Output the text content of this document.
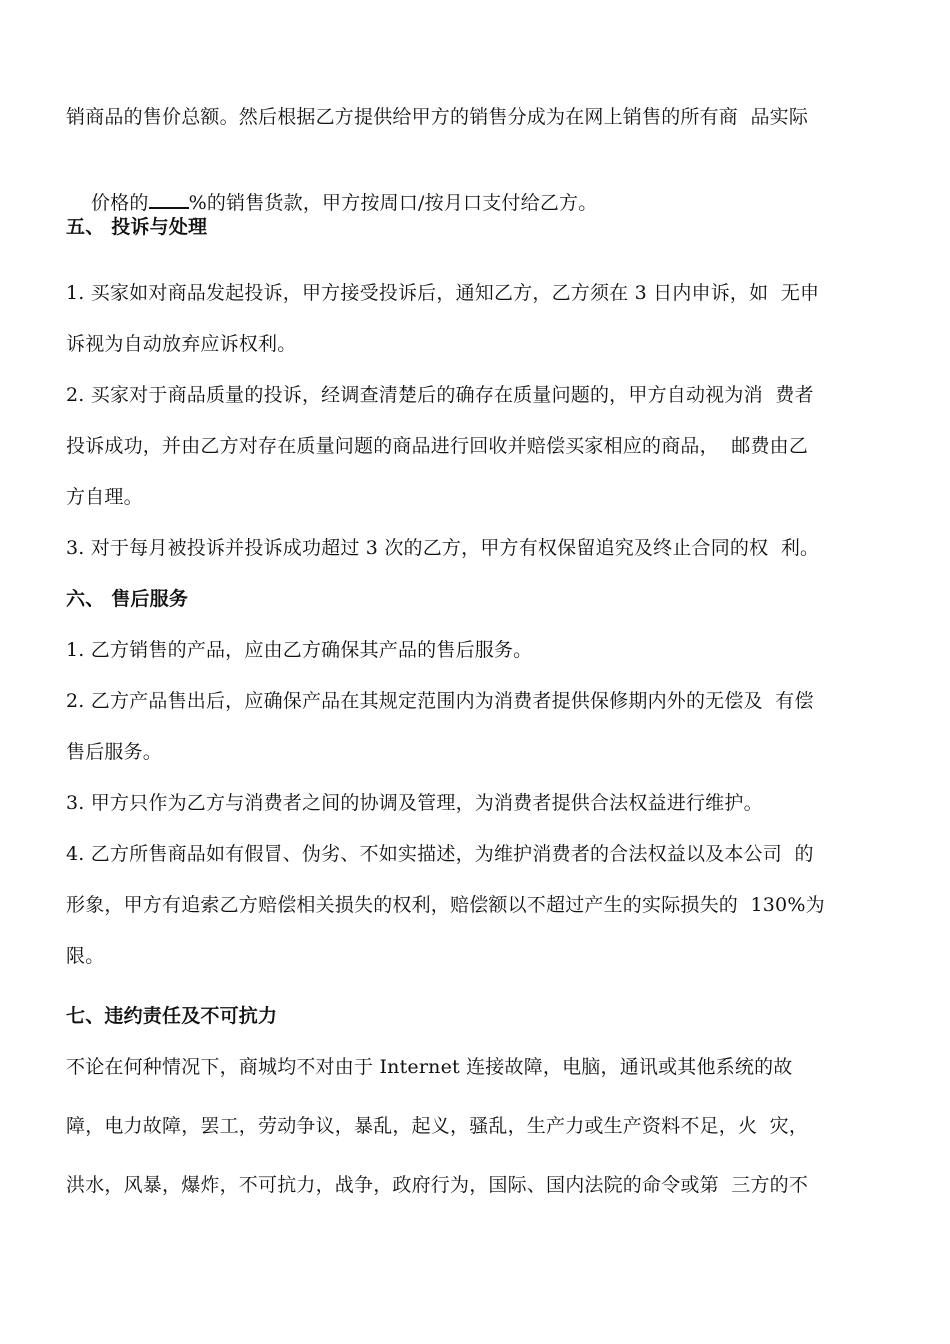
销商品的售价总额。然后根据乙方提供给甲方的销售分成为在网上销售的所有商  品实际

价格的 %的销售货款，甲方按周口/按月口支付给乙方。

五、 投诉与处理
1. 买家如对商品发起投诉，甲方接受投诉后，通知乙方，乙方须在 3 日内申诉，如  无申
诉视为自动放弃应诉权利。
2. 买家对于商品质量的投诉，经调查清楚后的确存在质量问题的，甲方自动视为消  费者
投诉成功，并由乙方对存在质量问题的商品进行回收并赔偿买家相应的商品，  邮费由乙
方自理。
3. 对于每月被投诉并投诉成功超过 3 次的乙方，甲方有权保留追究及终止合同的权  利。
六、 售后服务
1. 乙方销售的产品，应由乙方确保其产品的售后服务。
2. 乙方产品售出后，应确保产品在其规定范围内为消费者提供保修期内外的无偿及  有偿
售后服务。
3. 甲方只作为乙方与消费者之间的协调及管理，为消费者提供合法权益进行维护。
4. 乙方所售商品如有假冒、伪劣、不如实描述，为维护消费者的合法权益以及本公司  的
形象，甲方有追索乙方赔偿相关损失的权利，赔偿额以不超过产生的实际损失的  130%为
限。
七、违约责任及不可抗力
不论在何种情况下，商城均不对由于 Internet 连接故障，电脑，通讯或其他系统的故
障，电力故障，罢工，劳动争议，暴乱，起义，骚乱，生产力或生产资料不足，火  灾，
洪水，风暴，爆炸，不可抗力，战争，政府行为，国际、国内法院的命令或第  三方的不
